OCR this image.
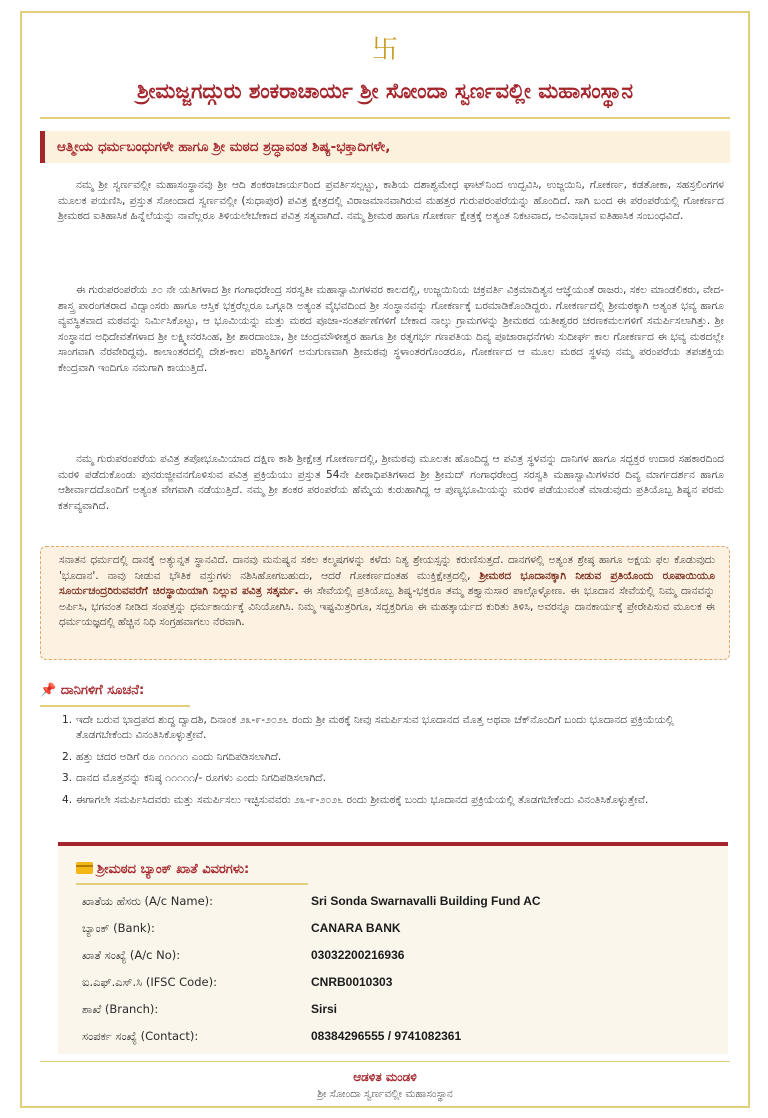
卐
ಶ್ರೀಮಜ್ಜಗದ್ಗುರು ಶಂಕರಾಚಾರ್ಯ ಶ್ರೀ ಸೋಂದಾ ಸ್ವರ್ಣವಲ್ಲೀ ಮಹಾಸಂಸ್ಥಾನ
ಆತ್ಮೀಯ ಧರ್ಮಬಂಧುಗಳೇ ಹಾಗೂ ಶ್ರೀ ಮಠದ ಶ್ರದ್ಧಾವಂತ ಶಿಷ್ಯ-ಭಕ್ತಾದಿಗಳೇ,

ನಮ್ಮ ಶ್ರೀ ಸ್ವರ್ಣವಲ್ಲೀ ಮಹಾಸಂಸ್ಥಾನವು ಶ್ರೀ ಆದಿ ಶಂಕರಾಚಾರ್ಯರಿಂದ ಪ್ರವರ್ತಿಸಲ್ಪಟ್ಟು, ಕಾಶಿಯ ದಶಾಶ್ವಮೇಧ ಘಾಟ್‌ನಿಂದ ಉದ್ಭವಿಸಿ, ಉಜ್ಜಯಿನಿ, ಗೋಕರ್ಣ, ಕಡತೋಕಾ, ಸಹಸ್ರಲಿಂಗಗಳ ಮೂಲಕ ಪಯಣಿಸಿ, ಪ್ರಸ್ತುತ ಸೋಂದಾದ ಸ್ವರ್ಣವಲ್ಲೀ (ಸುಧಾಪುರ) ಪವಿತ್ರ ಕ್ಷೇತ್ರದಲ್ಲಿ ವಿರಾಜಮಾನವಾಗಿರುವ ಮಹತ್ತರ ಗುರುಪರಂಪರೆಯನ್ನು ಹೊಂದಿದೆ. ಸಾಗಿ ಬಂದ ಈ ಪರಂಪರೆಯಲ್ಲಿ ಗೋಕರ್ಣದ ಶ್ರೀಮಠದ ಐತಿಹಾಸಿಕ ಹಿನ್ನೆಲೆಯನ್ನು ನಾವೆಲ್ಲರೂ ತಿಳಿಯಲೇಬೇಕಾದ ಪವಿತ್ರ ಸತ್ಯವಾಗಿದೆ. ನಮ್ಮ ಶ್ರೀಮಠ ಹಾಗೂ ಗೋಕರ್ಣ ಕ್ಷೇತ್ರಕ್ಕೆ ಅತ್ಯಂತ ನಿಕಟವಾದ, ಅವಿನಾಭಾವ ಐತಿಹಾಸಿಕ ಸಂಬಂಧವಿದೆ.

ಈ ಗುರುಪರಂಪರೆಯ ೨೦ ನೇ ಯತಿಗಳಾದ ಶ್ರೀ ಗಂಗಾಧರೇಂದ್ರ ಸರಸ್ವತೀ ಮಹಾಸ್ವಾಮಿಗಳವರ ಕಾಲದಲ್ಲಿ, ಉಜ್ಜಯಿನಿಯ ಚಕ್ರವರ್ತಿ ವಿಕ್ರಮಾದಿತ್ಯನ ಆಜ್ಞೆಯಂತೆ ರಾಜರು, ಸಕಲ ಮಾಂಡಲಿಕರು, ವೇದ-ಶಾಸ್ತ್ರ ಪಾರಂಗತರಾದ ವಿದ್ವಾಂಸರು ಹಾಗೂ ಆಸ್ತಿಕ ಭಕ್ತರೆಲ್ಲರೂ ಒಗ್ಗೂಡಿ ಅತ್ಯಂತ ವೈಭವದಿಂದ ಶ್ರೀ ಸಂಸ್ಥಾನವನ್ನು ಗೋಕರ್ಣಕ್ಕೆ ಬರಮಾಡಿಕೊಂಡಿದ್ದರು. ಗೋಕರ್ಣದಲ್ಲಿ ಶ್ರೀಮಠಕ್ಕಾಗಿ ಅತ್ಯಂತ ಭವ್ಯ ಹಾಗೂ ವ್ಯವಸ್ಥಿತವಾದ ಮಠವನ್ನು ನಿರ್ಮಿಸಿಕೊಟ್ಟು, ಆ ಭೂಮಿಯನ್ನು ಮತ್ತು ಮಠದ ಪೂಜಾ-ಸಂತರ್ಪಣೆಗಳಿಗೆ ಬೇಕಾದ ನಾಲ್ಕು ಗ್ರಾಮಗಳನ್ನು ಶ್ರೀಮಠದ ಯತೀಶ್ವರರ ಚರಣಕಮಲಗಳಿಗೆ ಸಮರ್ಪಿಸಲಾಗಿತ್ತು. ಶ್ರೀ ಸಂಸ್ಥಾನದ ಅಧಿದೇವತೆಗಳಾದ ಶ್ರೀ ಲಕ್ಷ್ಮೀನರಸಿಂಹ, ಶ್ರೀ ಶಾರದಾಂಬಾ, ಶ್ರೀ ಚಂದ್ರಮೌಳೀಶ್ವರ ಹಾಗೂ ಶ್ರೀ ರತ್ನಗರ್ಭ ಗಣಪತಿಯ ದಿವ್ಯ ಪೂಜಾರಾಧನೆಗಳು ಸುದೀರ್ಘ ಕಾಲ ಗೋಕರ್ಣದ ಈ ಭವ್ಯ ಮಠದಲ್ಲೇ ಸಾಂಗವಾಗಿ ನೆರವೇರಿದ್ದವು. ಕಾಲಾಂತರದಲ್ಲಿ ದೇಶ-ಕಾಲ ಪರಿಸ್ಥಿತಿಗಳಿಗೆ ಅನುಗುಣವಾಗಿ ಶ್ರೀಮಠವು ಸ್ಥಳಾಂತರಗೊಂಡರೂ, ಗೋಕರ್ಣದ ಆ ಮೂಲ ಮಠದ ಸ್ಥಳವು ನಮ್ಮ ಪರಂಪರೆಯ ತಪಃಶಕ್ತಿಯ ಕೇಂದ್ರವಾಗಿ ಇಂದಿಗೂ ನಮಗಾಗಿ ಕಾಯುತ್ತಿದೆ.

ನಮ್ಮ ಗುರುಪರಂಪರೆಯ ಪವಿತ್ರ ತಪೋಭೂಮಿಯಾದ ದಕ್ಷಿಣ ಕಾಶಿ ಶ್ರೀಕ್ಷೇತ್ರ ಗೋಕರ್ಣದಲ್ಲಿ, ಶ್ರೀಮಠವು ಮೂಲತಃ ಹೊಂದಿದ್ದ ಆ ಪವಿತ್ರ ಸ್ಥಳವನ್ನು ದಾನಿಗಳ ಹಾಗೂ ಸದ್ಭಕ್ತರ ಉದಾರ ಸಹಕಾರದಿಂದ ಮರಳಿ ಪಡೆದುಕೊಂಡು ಪುನರುಜ್ಜೀವನಗೊಳಿಸುವ ಪವಿತ್ರ ಪ್ರಕ್ರಿಯೆಯು ಪ್ರಸ್ತುತ 54ನೇ ಪೀಠಾಧಿಪತಿಗಳಾದ ಶ್ರೀ ಶ್ರೀಮದ್ ಗಂಗಾಧರೇಂದ್ರ ಸರಸ್ವತಿ ಮಹಾಸ್ವಾಮಿಗಳವರ ದಿವ್ಯ ಮಾರ್ಗದರ್ಶನ ಹಾಗೂ ಆಶೀರ್ವಾದದೊಂದಿಗೆ ಅತ್ಯಂತ ವೇಗವಾಗಿ ನಡೆಯುತ್ತಿದೆ. ನಮ್ಮ ಶ್ರೀ ಶಂಕರ ಪರಂಪರೆಯ ಹೆಮ್ಮೆಯ ಕುರುಹಾಗಿದ್ದ ಆ ಪುಣ್ಯಭೂಮಿಯನ್ನು ಮರಳಿ ಪಡೆಯುವಂತೆ ಮಾಡುವುದು ಪ್ರತಿಯೊಬ್ಬ ಶಿಷ್ಯನ ಪರಮ ಕರ್ತವ್ಯವಾಗಿದೆ.

ಸನಾತನ ಧರ್ಮದಲ್ಲಿ ದಾನಕ್ಕೆ ಅತ್ಯುನ್ನತ ಸ್ಥಾನವಿದೆ. ದಾನವು ಮನುಷ್ಯನ ಸಕಲ ಕಲ್ಮಷಗಳನ್ನು ಕಳೆದು ನಿತ್ಯ ಶ್ರೇಯಸ್ಸನ್ನು ಕರುಣಿಸುತ್ತದೆ. ದಾನಗಳಲ್ಲಿ ಅತ್ಯಂತ ಶ್ರೇಷ್ಠ ಹಾಗೂ ಅಕ್ಷಯ ಫಲ ಕೊಡುವುದು 'ಭೂದಾನ'. ನಾವು ನೀಡುವ ಭೌತಿಕ ವಸ್ತುಗಳು ನಶಿಸಿಹೋಗಬಹುದು, ಆದರೆ ಗೋಕರ್ಣದಂತಹ ಮುಕ್ತಿಕ್ಷೇತ್ರದಲ್ಲಿ, ಶ್ರೀಮಠದ ಭೂದಾನಕ್ಕಾಗಿ ನೀಡುವ ಪ್ರತಿಯೊಂದು ರೂಪಾಯಿಯೂ ಸೂರ್ಯಚಂದ್ರರಿರುವವರೆಗೆ ಚಿರಸ್ಥಾಯಿಯಾಗಿ ನಿಲ್ಲುವ ಪವಿತ್ರ ಸತ್ಕರ್ಮ. ಈ ಸೇವೆಯಲ್ಲಿ ಪ್ರತಿಯೊಬ್ಬ ಶಿಷ್ಯ-ಭಕ್ತರೂ ತಮ್ಮ ಶಕ್ತ್ಯಾನುಸಾರ ಪಾಲ್ಗೊಳ್ಳೋಣ. ಈ ಭೂದಾನ ಸೇವೆಯಲ್ಲಿ ನಿಮ್ಮ ದಾನವನ್ನು ಅರ್ಪಿಸಿ, ಭಗವಂತ ನೀಡಿದ ಸಂಪತ್ತನ್ನು ಧರ್ಮಕಾರ್ಯಕ್ಕೆ ವಿನಿಯೋಗಿಸಿ. ನಿಮ್ಮ ಇಷ್ಟಮಿತ್ರರಿಗೂ, ಸದ್ಭಕ್ತರಿಗೂ ಈ ಮಹತ್ಕಾರ್ಯದ ಕುರಿತು ತಿಳಿಸಿ, ಅವರನ್ನೂ ದಾನಕಾರ್ಯಕ್ಕೆ ಪ್ರೇರೇಪಿಸುವ ಮೂಲಕ ಈ ಧರ್ಮಯಜ್ಞದಲ್ಲಿ ಹೆಚ್ಚಿನ ನಿಧಿ ಸಂಗ್ರಹವಾಗಲು ನೆರವಾಗಿ.
📌 ದಾನಿಗಳಿಗೆ ಸೂಚನೆ:
1. ಇದೇ ಬರುವ ಭಾದ್ರಪದ ಶುದ್ಧ ದ್ವಾದಶಿ, ದಿನಾಂಕ ೨೩-೯-೨೦೨೬ ರಂದು ಶ್ರೀ ಮಠಕ್ಕೆ ನೀವು ಸಮರ್ಪಿಸುವ ಭೂದಾನದ ಮೊತ್ತ ಅಥವಾ ಚೆಕ್‌ನೊಂದಿಗೆ ಬಂದು ಭೂದಾನದ ಪ್ರಕ್ರಿಯೆಯಲ್ಲಿ ತೊಡಗಬೇಕೆಂದು ವಿನಂತಿಸಿಕೊಳ್ಳುತ್ತೇವೆ.
2. ಹತ್ತು ಚದರ ಅಡಿಗೆ ರೂ ೧೧೧೧೧ ಎಂದು ನಿಗದಿಪಡಿಸಲಾಗಿದೆ.
3. ದಾನದ ಮೊತ್ತವನ್ನು ಕನಿಷ್ಠ ೧೧೧೧೧/- ರೂಗಳು ಎಂದು ನಿಗದಿಪಡಿಸಲಾಗಿದೆ.
4. ಈಗಾಗಲೇ ಸಮರ್ಪಿಸಿದವರು ಮತ್ತು ಸಮರ್ಪಿಸಲು ಇಚ್ಛಿಸುವವರು ೨೩-೯-೨೦೨೬ ರಂದು ಶ್ರೀಮಠಕ್ಕೆ ಬಂದು ಭೂದಾನದ ಪ್ರಕ್ರಿಯೆಯಲ್ಲಿ ತೊಡಗಬೇಕೆಂದು ವಿನಂತಿಸಿಕೊಳ್ಳುತ್ತೇವೆ.
ಶ್ರೀಮಠದ ಬ್ಯಾಂಕ್ ಖಾತೆ ವಿವರಗಳು:
ಖಾತೆಯ ಹೆಸರು (A/c Name):	Sri Sonda Swarnavalli Building Fund AC
ಬ್ಯಾಂಕ್ (Bank):	CANARA BANK
ಖಾತೆ ಸಂಖ್ಯೆ (A/c No):	03032200216936
ಐ.ಎಫ್.ಎಸ್.ಸಿ (IFSC Code):	CNRB0010303
ಶಾಖೆ (Branch):	Sirsi
ಸಂಪರ್ಕ ಸಂಖ್ಯೆ (Contact):	08384296555 / 9741082361
ಆಡಳಿತ ಮಂಡಳಿ
ಶ್ರೀ ಸೋಂದಾ ಸ್ವರ್ಣವಲ್ಲೀ ಮಹಾಸಂಸ್ಥಾನ
